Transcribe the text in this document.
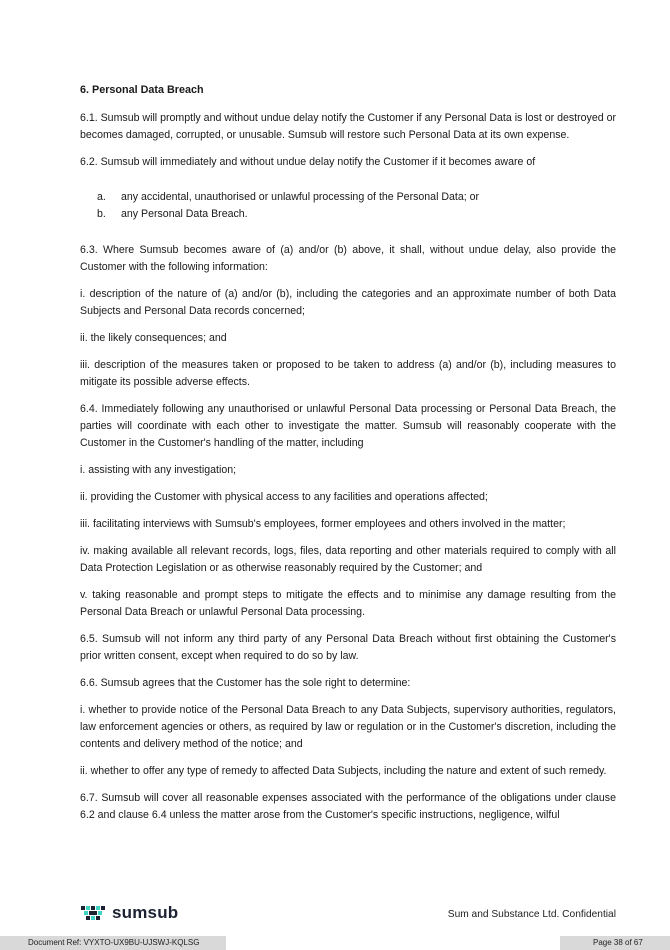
6. Personal Data Breach

6.1. Sumsub will promptly and without undue delay notify the Customer if any Personal Data is lost or destroyed or becomes damaged, corrupted, or unusable. Sumsub will restore such Personal Data at its own expense.

6.2. Sumsub will immediately and without undue delay notify the Customer if it becomes aware of

a.	any accidental, unauthorised or unlawful processing of the Personal Data; or
b.	any Personal Data Breach.

6.3. Where Sumsub becomes aware of (a) and/or (b) above, it shall, without undue delay, also provide the Customer with the following information:

i. description of the nature of (a) and/or (b), including the categories and an approximate number of both Data Subjects and Personal Data records concerned;

ii. the likely consequences; and

iii. description of the measures taken or proposed to be taken to address (a) and/or (b), including measures to mitigate its possible adverse effects.

6.4. Immediately following any unauthorised or unlawful Personal Data processing or Personal Data Breach, the parties will coordinate with each other to investigate the matter. Sumsub will reasonably cooperate with the Customer in the Customer's handling of the matter, including

i. assisting with any investigation;

ii. providing the Customer with physical access to any facilities and operations affected;

iii. facilitating interviews with Sumsub's employees, former employees and others involved in the matter;

iv. making available all relevant records, logs, files, data reporting and other materials required to comply with all Data Protection Legislation or as otherwise reasonably required by the Customer; and

v. taking reasonable and prompt steps to mitigate the effects and to minimise any damage resulting from the Personal Data Breach or unlawful Personal Data processing.

6.5. Sumsub will not inform any third party of any Personal Data Breach without first obtaining the Customer's prior written consent, except when required to do so by law.

6.6. Sumsub agrees that the Customer has the sole right to determine:

i. whether to provide notice of the Personal Data Breach to any Data Subjects, supervisory authorities, regulators, law enforcement agencies or others, as required by law or regulation or in the Customer's discretion, including the contents and delivery method of the notice; and

ii. whether to offer any type of remedy to affected Data Subjects, including the nature and extent of such remedy.

6.7. Sumsub will cover all reasonable expenses associated with the performance of the obligations under clause 6.2 and clause 6.4 unless the matter arose from the Customer's specific instructions, negligence, wilful

sumsub	Sum and Substance Ltd. Confidential
Document Ref: VYXTO-UX9BU-UJSWJ-KQLSG	Page 38 of 67
